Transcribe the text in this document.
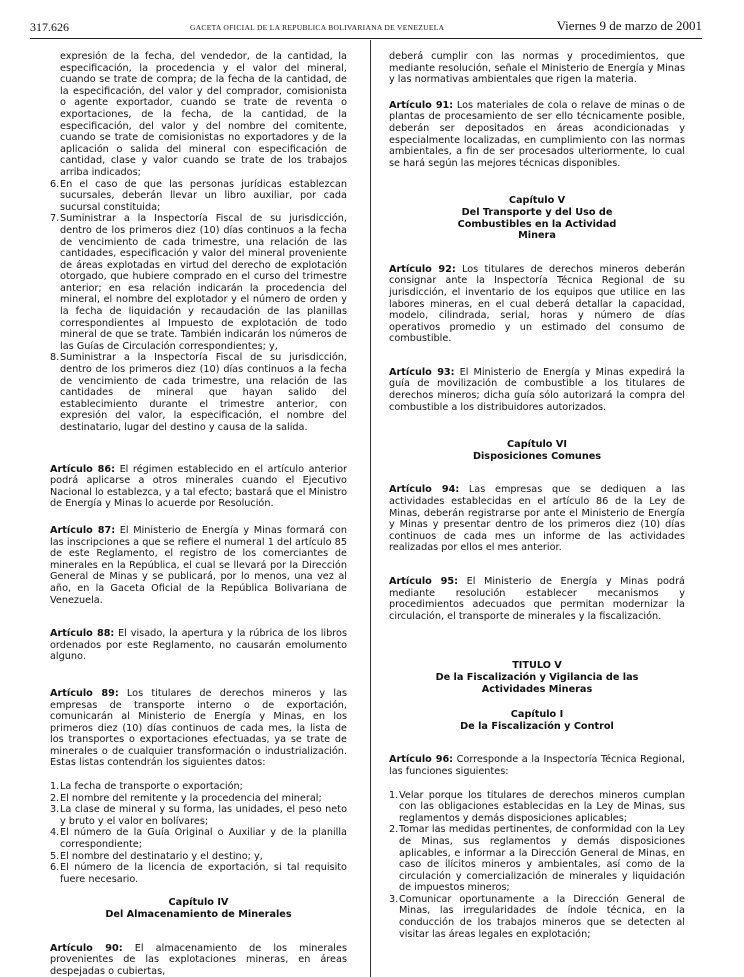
317.626	GACETA OFICIAL DE LA REPUBLICA BOLIVARIANA DE VENEZUELA	Viernes 9 de marzo de 2001

expresión de la fecha, del vendedor, de la cantidad, la especificación, la procedencia y el valor del mineral, cuando se trate de compra; de la fecha de la cantidad, de la especificación, del valor y del comprador, comisionista o agente exportador, cuando se trate de reventa o exportaciones, de la fecha, de la cantidad, de la especificación, del valor y del nombre del comitente, cuando se trate de comisionistas no exportadores y de la aplicación o salida del mineral con especificación de cantidad, clase y valor cuando se trate de los trabajos arriba indicados;

6. En el caso de que las personas jurídicas establezcan sucursales, deberán llevar un libro auxiliar, por cada sucursal constituida;
7. Suministrar a la Inspectoría Fiscal de su jurisdicción, dentro de los primeros diez (10) días continuos a la fecha de vencimiento de cada trimestre, una relación de las cantidades, especificación y valor del mineral proveniente de áreas explotadas en virtud del derecho de explotación otorgado, que hubiere comprado en el curso del trimestre anterior; en esa relación indicarán la procedencia del mineral, el nombre del explotador y el número de orden y la fecha de liquidación y recaudación de las planillas correspondientes al Impuesto de explotación de todo mineral de que se trate. También indicarán los números de las Guías de Circulación correspondientes; y,
8. Suministrar a la Inspectoría Fiscal de su jurisdicción, dentro de los primeros diez (10) días continuos a la fecha de vencimiento de cada trimestre, una relación de las cantidades de mineral que hayan salido del establecimiento durante el trimestre anterior, con expresión del valor, la especificación, el nombre del destinatario, lugar del destino y causa de la salida.

Artículo 86: El régimen establecido en el artículo anterior podrá aplicarse a otros minerales cuando el Ejecutivo Nacional lo establezca, y a tal efecto; bastará que el Ministro de Energía y Minas lo acuerde por Resolución.

Artículo 87: El Ministerio de Energía y Minas formará con las inscripciones a que se refiere el numeral 1 del artículo 85 de este Reglamento, el registro de los comerciantes de minerales en la República, el cual se llevará por la Dirección General de Minas y se publicará, por lo menos, una vez al año, en la Gaceta Oficial de la República Bolivariana de Venezuela.

Artículo 88: El visado, la apertura y la rúbrica de los libros ordenados por este Reglamento, no causarán emolumento alguno.

Artículo 89: Los titulares de derechos mineros y las empresas de transporte interno o de exportación, comunicarán al Ministerio de Energía y Minas, en los primeros diez (10) días continuos de cada mes, la lista de los transportes o exportaciones efectuadas, ya se trate de minerales o de cualquier transformación o industrialización. Estas listas contendrán los siguientes datos:

1. La fecha de transporte o exportación;
2. El nombre del remitente y la procedencia del mineral;
3. La clase de mineral y su forma, las unidades, el peso neto y bruto y el valor en bolívares;
4. El número de la Guía Original o Auxiliar y de la planilla correspondiente;
5. El nombre del destinatario y el destino; y,
6. El número de la licencia de exportación, si tal requisito fuere necesario.

Capítulo IV

Del Almacenamiento de Minerales

Artículo 90: El almacenamiento de los minerales provenientes de las explotaciones mineras, en áreas despejadas o cubiertas,

deberá cumplir con las normas y procedimientos, que mediante resolución, señale el Ministerio de Energía y Minas y las normativas ambientales que rigen la materia.

Artículo 91: Los materiales de cola o relave de minas o de plantas de procesamiento de ser ello técnicamente posible, deberán ser depositados en áreas acondicionadas y especialmente localizadas, en cumplimiento con las normas ambientales, a fin de ser procesados ulteriormente, lo cual se hará según las mejores técnicas disponibles.

Capítulo V

Del Transporte y del Uso de Combustibles en la Actividad Minera

Artículo 92: Los titulares de derechos mineros deberán consignar ante la Inspectoría Técnica Regional de su jurisdicción, el inventario de los equipos que utilice en las labores mineras, en el cual deberá detallar la capacidad, modelo, cilindrada, serial, horas y número de días operativos promedio y un estimado del consumo de combustible.

Artículo 93: El Ministerio de Energía y Minas expedirá la guía de movilización de combustible a los titulares de derechos mineros; dicha guía sólo autorizará la compra del combustible a los distribuidores autorizados.

Capítulo VI

Disposiciones Comunes

Artículo 94: Las empresas que se dediquen a las actividades establecidas en el artículo 86 de la Ley de Minas, deberán registrarse por ante el Ministerio de Energía y Minas y presentar dentro de los primeros diez (10) días continuos de cada mes un informe de las actividades realizadas por ellos el mes anterior.

Artículo 95: El Ministerio de Energía y Minas podrá mediante resolución establecer mecanismos y procedimientos adecuados que permitan modernizar la circulación, el transporte de minerales y la fiscalización.

TITULO V

De la Fiscalización y Vigilancia de las Actividades Mineras

Capítulo I

De la Fiscalización y Control

Artículo 96: Corresponde a la Inspectoría Técnica Regional, las funciones siguientes:

1. Velar porque los titulares de derechos mineros cumplan con las obligaciones establecidas en la Ley de Minas, sus reglamentos y demás disposiciones aplicables;
2. Tomar las medidas pertinentes, de conformidad con la Ley de Minas, sus reglamentos y demás disposiciones aplicables, e informar a la Dirección General de Minas, en caso de ilícitos mineros y ambientales, así como de la circulación y comercialización de minerales y liquidación de impuestos mineros;
3. Comunicar oportunamente a la Dirección General de Minas, las irregularidades de índole técnica, en la conducción de los trabajos mineros que se detecten al visitar las áreas legales en explotación;
